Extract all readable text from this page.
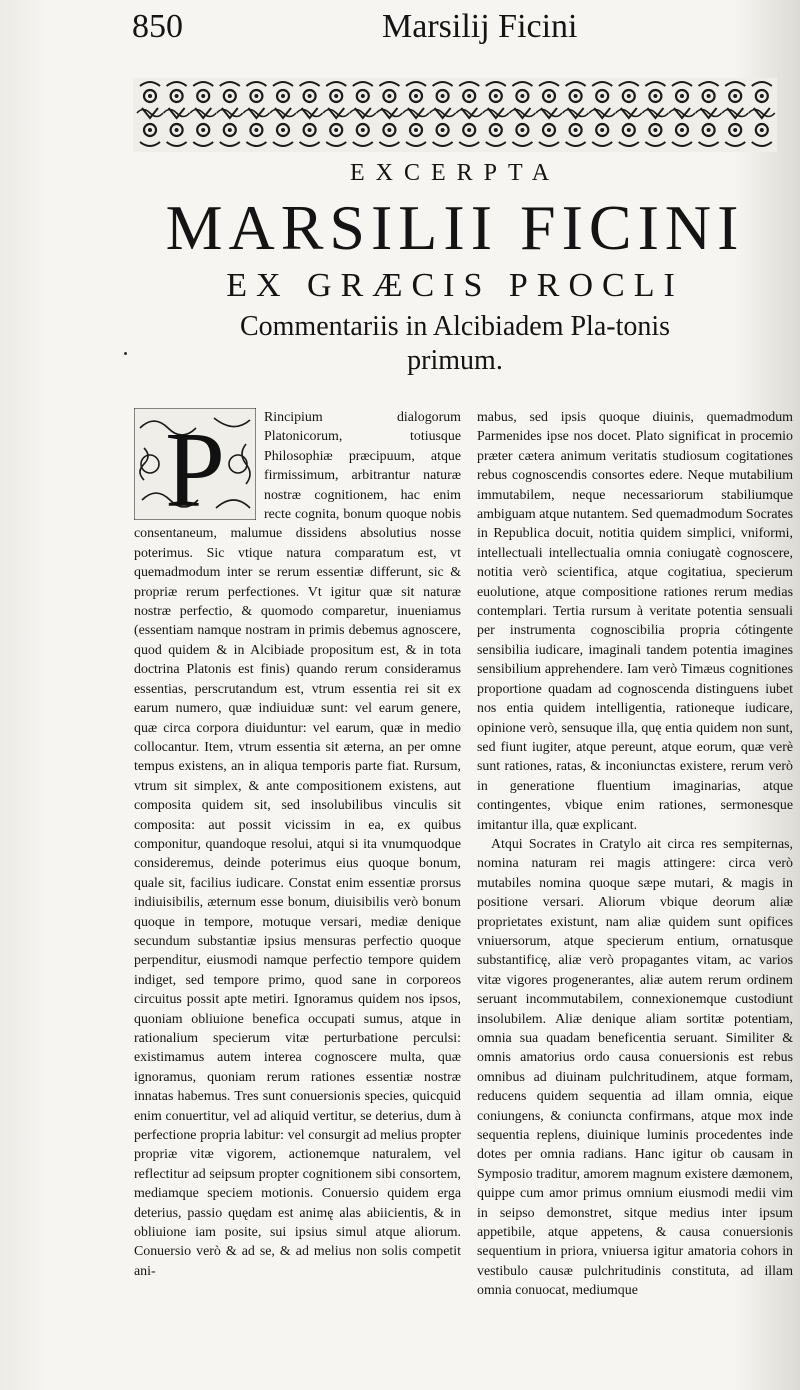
850	Marsilij Ficini

EXCERPTA

MARSILII FICINI

EX GRÆCIS PROCLI

Commentariis in Alcibiadem Pla-tonis primum.

P	Rincipium dialogorum Platonicorum, totiusque Philosophiæ præcipuum, atque firmissimum, arbitrantur naturæ nostræ cognitionem, hac enim recte cognita, bonum quoque nobis consentaneum, malumue dissidens absolutius nosse poterimus. Sic vtique natura comparatum est, vt quemadmodum inter se rerum essentiæ differunt, sic & propriæ rerum perfectiones. Vt igitur quæ sit naturæ nostræ perfectio, & quomodo comparetur, inueniamus (essentiam namque nostram in primis debemus agnoscere, quod quidem & in Alcibiade propositum est, & in tota doctrina Platonis est finis) quando rerum consideramus essentias, perscrutandum est, vtrum essentia rei sit ex earum numero, quæ indiuiduæ sunt: vel earum genere, quæ circa corpora diuiduntur: vel earum, quæ in medio collocantur. Item, vtrum essentia sit æterna, an per omne tempus existens, an in aliqua temporis parte fiat. Rursum, vtrum sit simplex, & ante compositionem existens, aut composita quidem sit, sed insolubilibus vinculis sit composita: aut possit vicissim in ea, ex quibus componitur, quandoque resolui, atqui si ita vnumquodque consideremus, deinde poterimus eius quoque bonum, quale sit, facilius iudicare. Constat enim essentiæ prorsus indiuisibilis, æternum esse bonum, diuisibilis verò bonum quoque in tempore, motuque versari, mediæ denique secundum substantiæ ipsius mensuras perfectio quoque perpenditur, eiusmodi namque perfectio tempore quidem indiget, sed tempore primo, quod sane in corporeos circuitus possit apte metiri. Ignoramus quidem nos ipsos, quoniam obliuione benefica occupati sumus, atque in rationalium specierum vitæ perturbatione perculsi: existimamus autem interea cognoscere multa, quæ ignoramus, quoniam rerum rationes essentiæ nostræ innatas habemus. Tres sunt conuersionis species, quicquid enim conuertitur, vel ad aliquid vertitur, se deterius, dum à perfectione propria labitur: vel consurgit ad melius propter propriæ vitæ vigorem, actionemque naturalem, vel reflectitur ad seipsum propter cognitionem sibi consortem, mediamque speciem motionis. Conuersio quidem erga deterius, passio quędam est animę alas abiicientis, & in obliuione iam posite, sui ipsius simul atque aliorum. Conuersio verò & ad se, & ad melius non solis competit ani-

mabus, sed ipsis quoque diuinis, quemadmodum Parmenides ipse nos docet. Plato significat in procemio præter cætera animum veritatis studiosum cogitationes rebus cognoscendis consortes edere. Neque mutabilium immutabilem, neque necessariorum stabiliumque ambiguam atque nutantem. Sed quemadmodum Socrates in Republica docuit, notitia quidem simplici, vniformi, intellectuali intellectualia omnia coniugatè cognoscere, notitia verò scientifica, atque cogitatiua, specierum euolutione, atque compositione rationes rerum medias contemplari. Tertia rursum à veritate potentia sensuali per instrumenta cognoscibilia propria cótingente sensibilia iudicare, imaginali tandem potentia imagines sensibilium apprehendere. Iam verò Timæus cognitiones proportione quadam ad cognoscenda distinguens iubet nos entia quidem intelligentia, rationeque iudicare, opinione verò, sensuque illa, quę entia quidem non sunt, sed fiunt iugiter, atque pereunt, atque eorum, quæ verè sunt rationes, ratas, & inconiunctas existere, rerum verò in generatione fluentium imaginarias, atque contingentes, vbique enim rationes, sermonesque imitantur illa, quæ explicant.

Atqui Socrates in Cratylo ait circa res sempiternas, nomina naturam rei magis attingere: circa verò mutabiles nomina quoque sæpe mutari, & magis in positione versari. Aliorum vbique deorum aliæ proprietates existunt, nam aliæ quidem sunt opifices vniuersorum, atque specierum entium, ornatusque substantificę, aliæ verò propagantes vitam, ac varios vitæ vigores progenerantes, aliæ autem rerum ordinem seruant incommutabilem, connexionemque custodiunt insolubilem. Aliæ denique aliam sortitæ potentiam, omnia sua quadam beneficentia seruant. Similiter & omnis amatorius ordo causa conuersionis est rebus omnibus ad diuinam pulchritudinem, atque formam, reducens quidem sequentia ad illam omnia, eique coniungens, & coniuncta confirmans, atque mox inde sequentia replens, diuinique luminis procedentes inde dotes per omnia radians. Hanc igitur ob causam in Symposio traditur, amorem magnum existere dæmonem, quippe cum amor primus omnium eiusmodi medii vim in seipso demonstret, sitque medius inter ipsum appetibile, atque appetens, & causa conuersionis sequentium in priora, vniuersa igitur amatoria cohors in vestibulo causæ pulchritudinis constituta, ad illam omnia conuocat, mediumque
